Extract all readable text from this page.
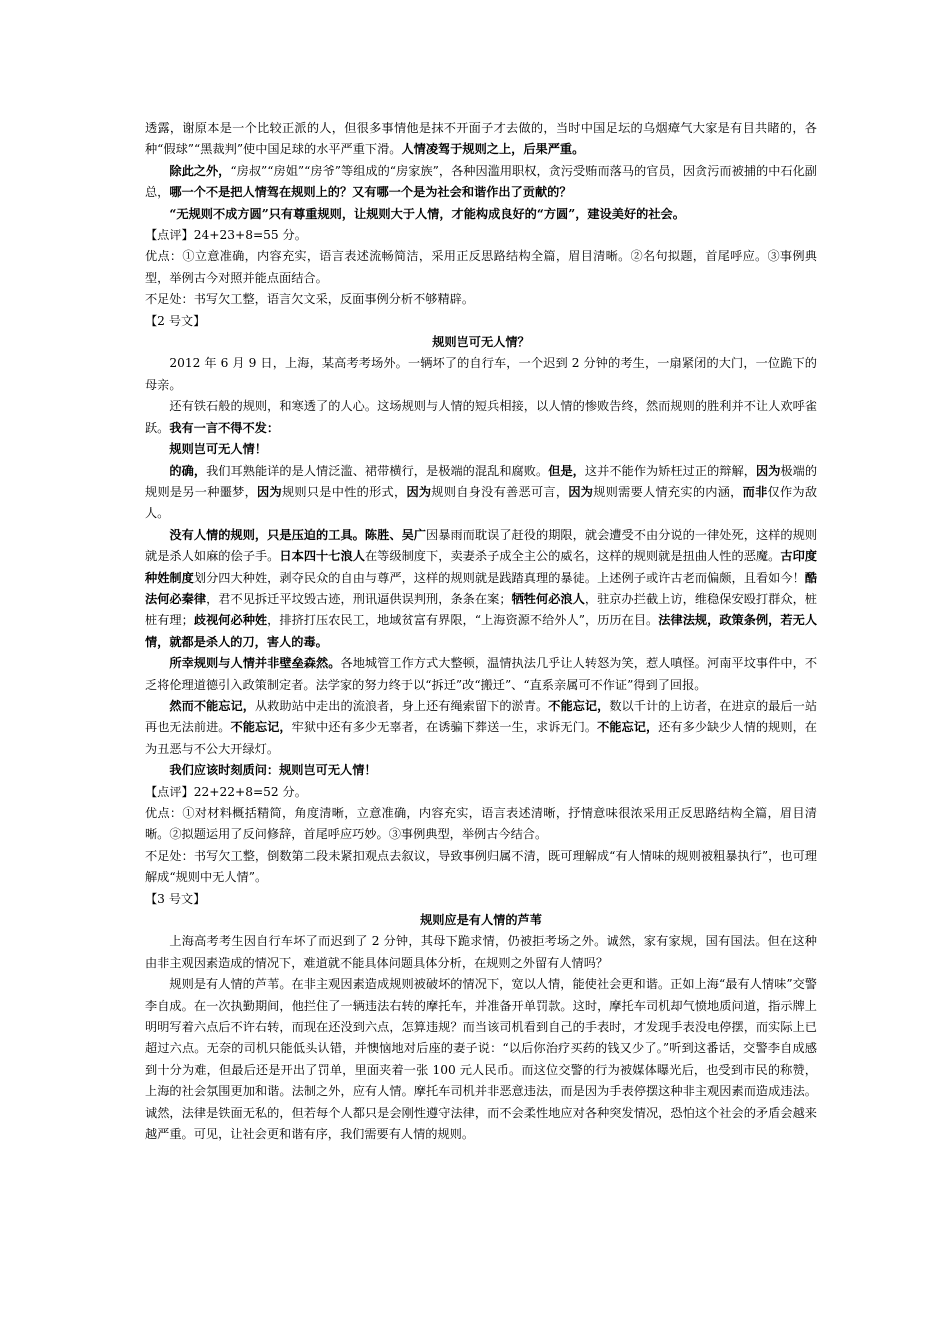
透露，谢原本是一个比较正派的人，但很多事情他是抹不开面子才去做的，当时中国足坛的乌烟瘴气大家是有目共睹的，各种“假球”“黑裁判”使中国足球的水平严重下滑。人情凌驾于规则之上，后果严重。

除此之外，“房叔”“房姐”“房爷”等组成的“房家族”，各种因滥用职权，贪污受贿而落马的官员，因贪污而被捕的中石化副总，哪一个不是把人情驾在规则上的？又有哪一个是为社会和谐作出了贡献的？

“无规则不成方圆”只有尊重规则，让规则大于人情，才能构成良好的“方圆”，建设美好的社会。

【点评】24+23+8=55 分。

优点：①立意准确，内容充实，语言表述流畅简洁，采用正反思路结构全篇，眉目清晰。②名句拟题，首尾呼应。③事例典型，举例古今对照并能点面结合。

不足处：书写欠工整，语言欠文采，反面事例分析不够精辟。

【2 号文】

规则岂可无人情？

2012 年 6 月 9 日，上海，某高考考场外。一辆坏了的自行车，一个迟到 2 分钟的考生，一扇紧闭的大门，一位跪下的母亲。

还有铁石般的规则，和寒透了的人心。这场规则与人情的短兵相接，以人情的惨败告终，然而规则的胜利并不让人欢呼雀跃。我有一言不得不发：

规则岂可无人情！

的确，我们耳熟能详的是人情泛滥、裙带横行，是极端的混乱和腐败。但是，这并不能作为矫枉过正的辩解，因为极端的规则是另一种噩梦，因为规则只是中性的形式，因为规则自身没有善恶可言，因为规则需要人情充实的内涵，而非仅作为敌人。

没有人情的规则，只是压迫的工具。陈胜、吴广因暴雨而耽误了赶役的期限，就会遭受不由分说的一律处死，这样的规则就是杀人如麻的侩子手。日本四十七浪人在等级制度下，卖妻杀子成全主公的威名，这样的规则就是扭曲人性的恶魔。古印度种姓制度划分四大种姓，剥夺民众的自由与尊严，这样的规则就是践踏真理的暴徒。上述例子或许古老而偏颇，且看如今！酷法何必秦律，君不见拆迁平坟毁古迹，刑讯逼供误判刑，条条在案；牺牲何必浪人，驻京办拦截上访，维稳保安殴打群众，桩桩有理；歧视何必种姓，排挤打压农民工，地域贫富有界限，“上海资源不给外人”，历历在目。法律法规，政策条例，若无人情，就都是杀人的刀，害人的毒。

所幸规则与人情并非壁垒森然。各地城管工作方式大整顿，温情执法几乎让人转怒为笑，惹人嗔怪。河南平坟事件中，不乏将伦理道德引入政策制定者。法学家的努力终于以“拆迁”改“搬迁”、“直系亲属可不作证”得到了回报。

然而不能忘记，从救助站中走出的流浪者，身上还有绳索留下的淤青。不能忘记，数以千计的上访者，在进京的最后一站再也无法前进。不能忘记，牢狱中还有多少无辜者，在诱骗下葬送一生，求诉无门。不能忘记，还有多少缺少人情的规则，在为丑恶与不公大开绿灯。

我们应该时刻质问：规则岂可无人情！

【点评】22+22+8=52 分。

优点：①对材料概括精简，角度清晰，立意准确，内容充实，语言表述清晰，抒情意味很浓采用正反思路结构全篇，眉目清晰。②拟题运用了反问修辞，首尾呼应巧妙。③事例典型，举例古今结合。

不足处：书写欠工整，倒数第二段未紧扣观点去叙议，导致事例归属不清，既可理解成“有人情味的规则被粗暴执行”，也可理解成“规则中无人情”。

【3 号文】

规则应是有人情的芦苇

上海高考考生因自行车坏了而迟到了 2 分钟，其母下跪求情，仍被拒考场之外。诚然，家有家规，国有国法。但在这种由非主观因素造成的情况下，难道就不能具体问题具体分析，在规则之外留有人情吗？

规则是有人情的芦苇。在非主观因素造成规则被破坏的情况下，宽以人情，能使社会更和谐。正如上海“最有人情味”交警李自成。在一次执勤期间，他拦住了一辆违法右转的摩托车，并准备开单罚款。这时，摩托车司机却气愤地质问道，指示牌上明明写着六点后不许右转，而现在还没到六点，怎算违规？而当该司机看到自己的手表时，才发现手表没电停摆，而实际上已超过六点。无奈的司机只能低头认错，并懊恼地对后座的妻子说：“以后你治疗买药的钱又少了。”听到这番话，交警李自成感到十分为难，但最后还是开出了罚单，里面夹着一张 100 元人民币。而这位交警的行为被媒体曝光后，也受到市民的称赞，上海的社会氛围更加和谐。法制之外，应有人情。摩托车司机并非恶意违法，而是因为手表停摆这种非主观因素而造成违法。诚然，法律是铁面无私的，但若每个人都只是会刚性遵守法律，而不会柔性地应对各种突发情况，恐怕这个社会的矛盾会越来越严重。可见，让社会更和谐有序，我们需要有人情的规则。
